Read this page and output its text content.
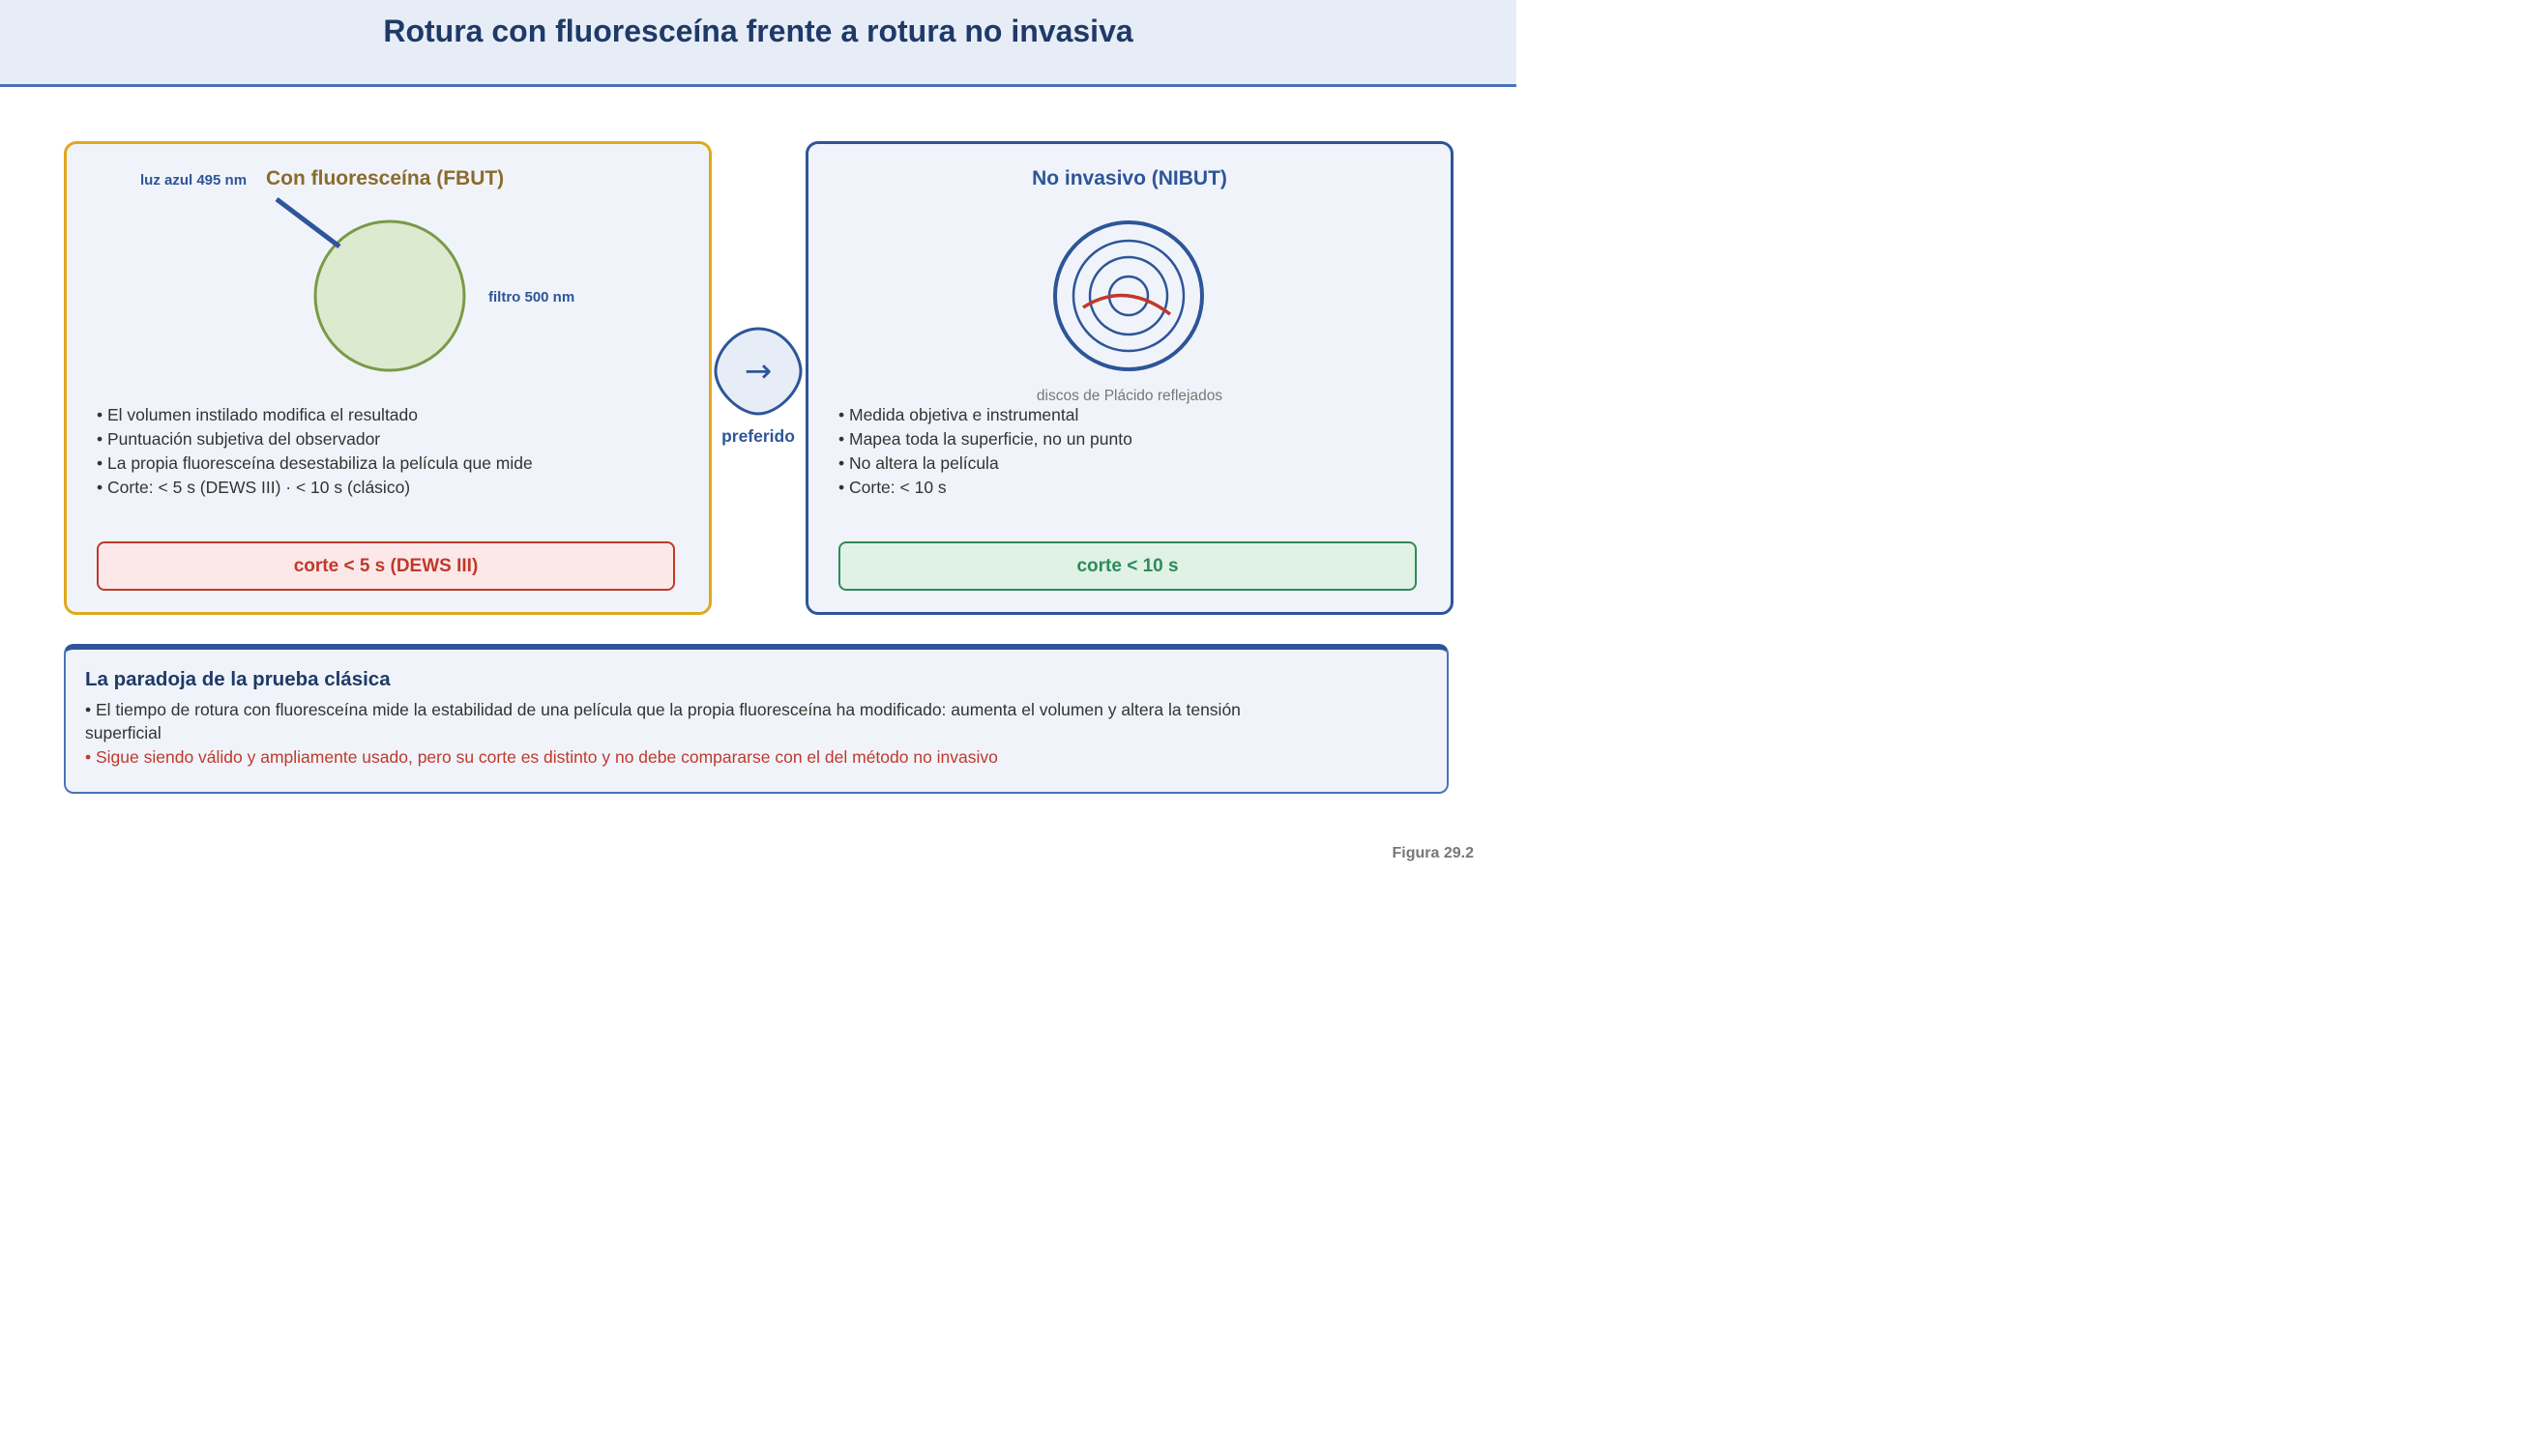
Rotura con fluoresceína frente a rotura no invasiva
luz azul 495 nm Con fluoresceína (FBUT)
filtro 500 nm
• El volumen instilado modifica el resultado
• Puntuación subjetiva del observador
• La propia fluoresceína desestabiliza la película que mide
• Corte: < 5 s (DEWS III) · < 10 s (clásico)
corte < 5 s (DEWS III)
→
preferido
No invasivo (NIBUT)
discos de Plácido reflejados
• Medida objetiva e instrumental
• Mapea toda la superficie, no un punto
• No altera la película
• Corte: < 10 s
corte < 10 s
La paradoja de la prueba clásica

• El tiempo de rotura con fluoresceína mide la estabilidad de una película que la propia fluoresceína ha modificado: aumenta el volumen y altera la tensión superficial

• Sigue siendo válido y ampliamente usado, pero su corte es distinto y no debe compararse con el del método no invasivo

Figura 29.2
